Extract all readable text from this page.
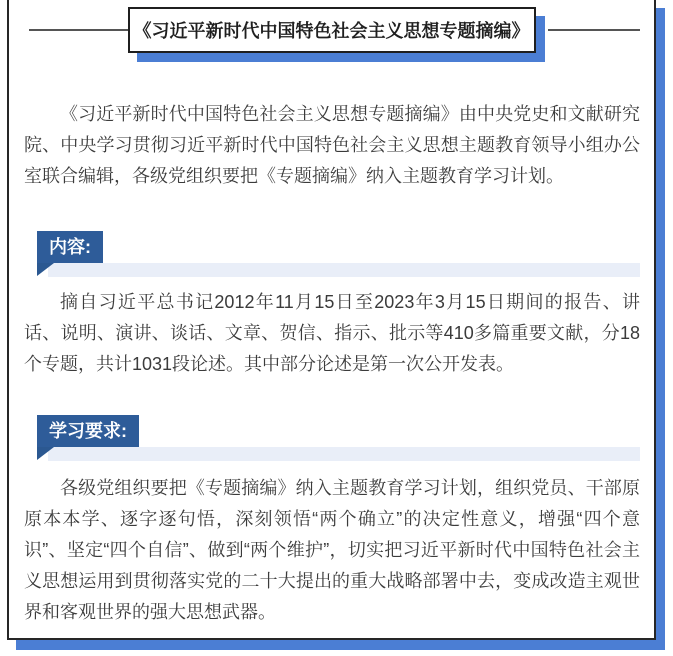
《习近平新时代中国特色社会主义思想专题摘编》

《习近平新时代中国特色社会主义思想专题摘编》由中央党史和文献研究院、中央学习贯彻习近平新时代中国特色社会主义思想主题教育领导小组办公室联合编辑，各级党组织要把《专题摘编》纳入主题教育学习计划。

内容:

摘自习近平总书记2012年11月15日至2023年3月15日期间的报告、讲话、说明、演讲、谈话、文章、贺信、指示、批示等410多篇重要文献，分18个专题，共计1031段论述。其中部分论述是第一次公开发表。

学习要求:

各级党组织要把《专题摘编》纳入主题教育学习计划，组织党员、干部原原本本学、逐字逐句悟，深刻领悟“两个确立”的决定性意义，增强“四个意识”、坚定“四个自信”、做到“两个维护”，切实把习近平新时代中国特色社会主义思想运用到贯彻落实党的二十大提出的重大战略部署中去，变成改造主观世界和客观世界的强大思想武器。
